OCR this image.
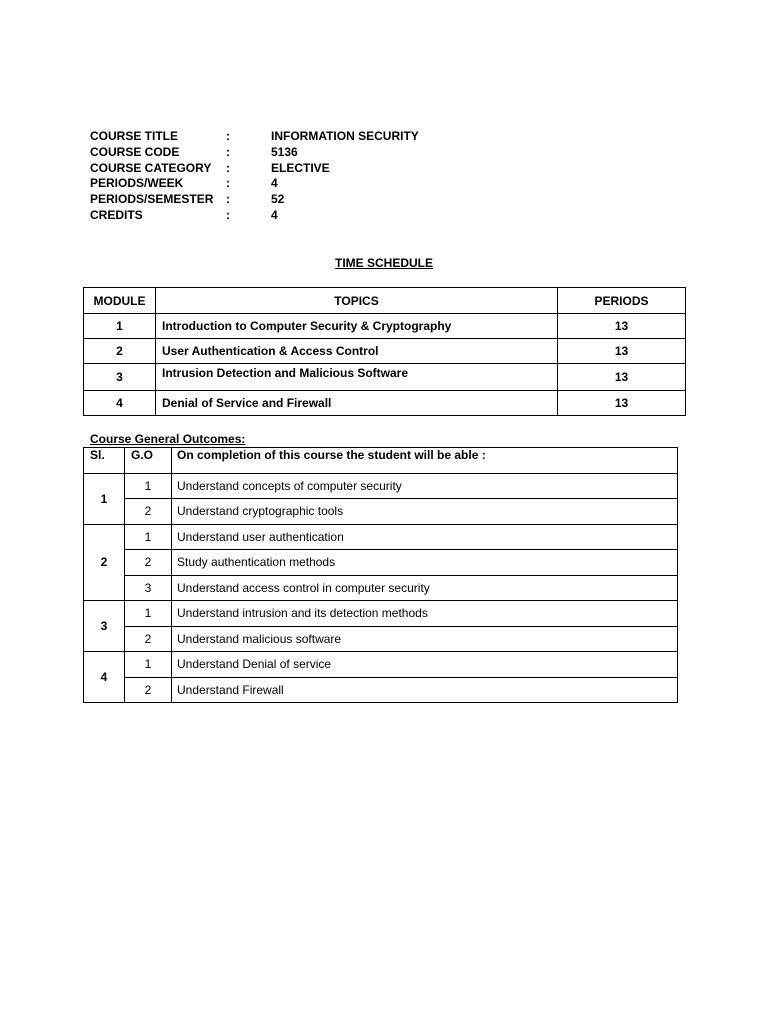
COURSE TITLE	:	INFORMATION SECURITY
COURSE CODE	:	5136
COURSE CATEGORY	:	ELECTIVE
PERIODS/WEEK	:	4
PERIODS/SEMESTER	:	52
CREDITS	:	4
TIME SCHEDULE
MODULE	TOPICS	PERIODS
1	Introduction to Computer Security & Cryptography	13
2	User Authentication & Access Control	13
3	Intrusion Detection and Malicious Software	13
4	Denial of Service and Firewall	13
Course General Outcomes:
Sl.	G.O	On completion of this course the student will be able :
1	1	Understand concepts of computer security
	2	Understand cryptographic tools
2	1	Understand user authentication
	2	Study authentication methods
	3	Understand access control in computer security
3	1	Understand intrusion and its detection methods
	2	Understand malicious software
4	1	Understand Denial of service
	2	Understand Firewall
